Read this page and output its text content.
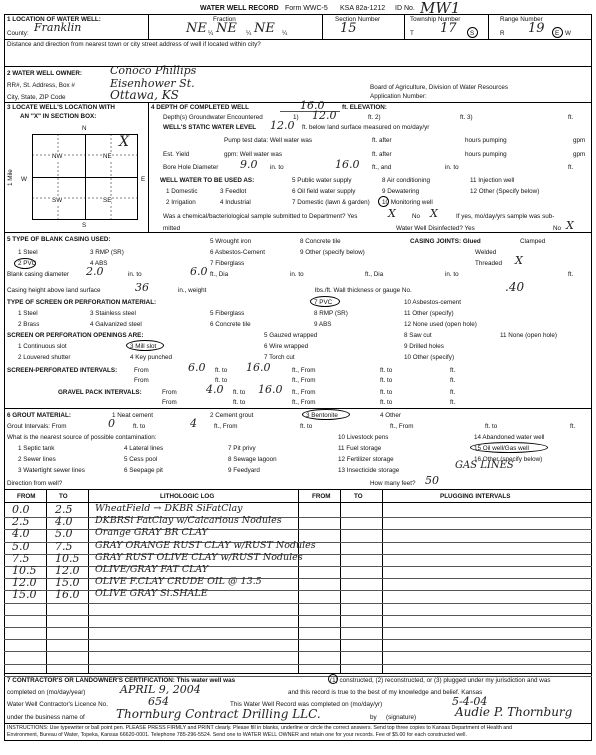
WATER WELL RECORD Form WWC-5 KSA 82a-1212 ID No. MW1
1 LOCATION OF WATER WELL:	Fraction	Section Number	Township Number	Range Number
County: Franklin	NE ¼ NE ¼ NE ¼	15	T 17 S	R 19 E W
Distance and direction from nearest town or city street address of well if located within city?
2 WATER WELL OWNER:	Conoco Phillips
RR#, St. Address, Box #	Eisenhower St.
City, State, ZIP Code	Ottawa, KS
Board of Agriculture, Division of Water Resources
Application Number:
3 LOCATE WELL'S LOCATION WITH
AN "X" IN SECTION BOX:
N
S
W	E
1 Mile
NW	NE
SW	SE
X
4 DEPTH OF COMPLETED WELL	16.0	ft. ELEVATION:
Depth(s) Groundwater Encountered	1) 12.0	ft. 2)	ft. 3)	ft.
WELL'S STATIC WATER LEVEL 12.0 ft. below land surface measured on mo/day/yr
Pump test data: Well water was	ft. after	hours pumping	gpm
Est. Yield	gpm: Well water was	ft. after	hours pumping	gpm
Bore Hole Diameter 9.0 in. to	16.0 ft., and	in. to	ft.
WELL WATER TO BE USED AS:	5 Public water supply	8 Air conditioning	11 Injection well
1 Domestic	3 Feedlot	6 Oil field water supply	9 Dewatering	12 Other (Specify below)
2 Irrigation	4 Industrial	7 Domestic (lawn & garden) 10 Monitoring well
Was a chemical/bacteriological sample submitted to Department? Yes	X	No X	If yes, mo/day/yrs sample was sub-
mitted	Water Well Disinfected? Yes	No X
5 TYPE OF BLANK CASING USED:
1 Steel
2 PVC
3 RMP (SR)
4 ABS
5 Wrought iron
6 Asbestos-Cement
7 Fiberglass
8 Concrete tile
9 Other (specify below)
CASING JOINTS: Glued	Clamped
Welded
Threaded X
Blank casing diameter 2.0	in. to	6.0 ft., Dia	in. to	ft., Dia	in. to	ft.
Casing height above land surface	36	in., weight	lbs./ft. Wall thickness or gauge No.	.40
TYPE OF SCREEN OR PERFORATION MATERIAL:	7 PVC	10 Asbestos-cement
1 Steel	3 Stainless steel	5 Fiberglass	8 RMP (SR)	11 Other (specify)
2 Brass	4 Galvanized steel	6 Concrete tile	9 ABS	12 None used (open hole)
SCREEN OR PERFORATION OPENINGS ARE:	5 Gauzed wrapped	8 Saw cut	11 None (open hole)
1 Continuous slot	3 Mill slot	6 Wire wrapped	9 Drilled holes
2 Louvered shutter	4 Key punched	7 Torch cut	10 Other (specify)
SCREEN-PERFORATED INTERVALS:	From	6.0 ft. to 16.0	ft., From	ft. to	ft.
From	ft. to	ft., From	ft. to	ft.
GRAVEL PACK INTERVALS:	From	4.0 ft. to 16.0 ft., From	ft. to	ft.
From	ft. to	ft., From	ft. to	ft.
6 GROUT MATERIAL:	1 Neat cement	2 Cement grout	3 Bentonite	4 Other
Grout Intervals: From	0	ft. to	4	ft., From	ft. to	ft., From	ft. to	ft.
What is the nearest source of possible contamination:
1 Septic tank	4 Lateral lines	7 Pit privy
10 Livestock pens	14 Abandoned water well
2 Sewer lines	5 Cess pool	8 Sewage lagoon
11 Fuel storage	15 Oil well/Gas well
3 Watertight sewer lines	6 Seepage pit	9 Feedyard
12 Fertilizer storage	16 Other (specify below)
13 Insecticide storage	GAS LINES
Direction from well?	How many feet? 50
FROM	TO	LITHOLOGIC LOG	FROM	TO	PLUGGING INTERVALS
0.0 2.5 WheatField → DKBR SiFatClay
2.5 4.0 DKBRSi FatClay w/Calcarious Nodules
4.0 5.0 Orange GRAY BR CLAY
5.0 7.5 GRAY ORANGE RUST CLAY w/RUST Nodules
7.5 10.5 GRAY RUST OLIVE CLAY w/RUST Nodules
10.5 12.0 OLIVE/GRAY FAT CLAY
12.0 15.0 OLIVE F.CLAY CRUDE OIL @ 13.5
15.0 16.0 OLIVE GRAY Si.SHALE
7 CONTRACTOR'S OR LANDOWNER'S CERTIFICATION: This water well was	(1) constructed, (2) reconstructed, or (3) plugged under my jurisdiction and was
completed on (mo/day/year)	APRIL 9, 2004	and this record is true to the best of my knowledge and belief. Kansas
Water Well Contractor's Licence No.	654	This Water Well Record was completed on (mo/day/yr)	5-4-04
under the business name of	Thornburg Contract Drilling LLC.	by (signature)	Audie P. Thornburg
INSTRUCTIONS: Use typewriter or ball point pen. PLEASE PRESS FIRMLY and PRINT clearly. Please fill in blanks, underline or circle the correct answers. Send top three copies to Kansas Department of Health and
Environment, Bureau of Water, Topeka, Kansas 66620-0001. Telephone 785-296-5524. Send one to WATER WELL OWNER and retain one for your records. Fee of $5.00 for each constructed well.
